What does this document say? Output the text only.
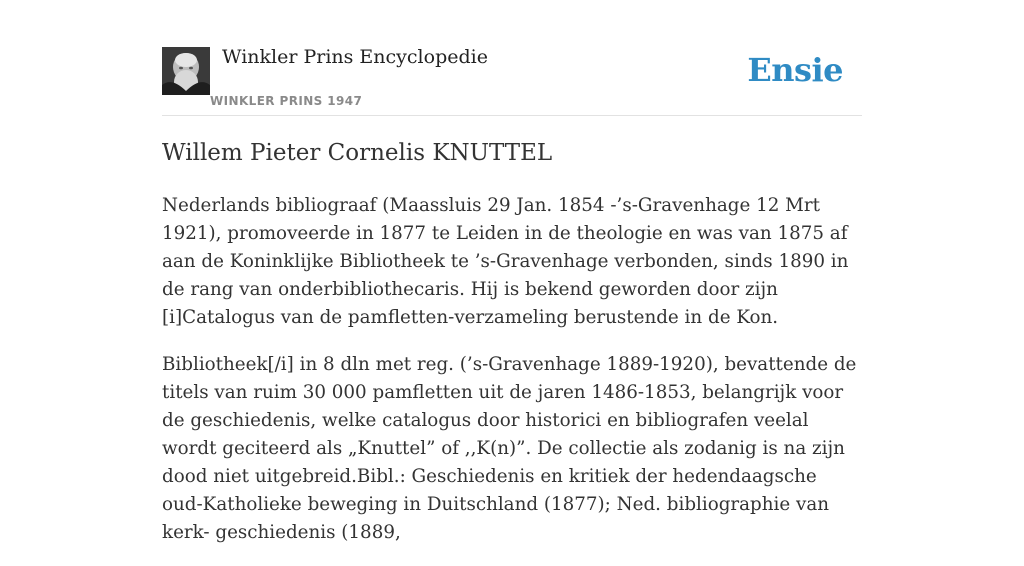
Winkler Prins Encyclopedie
WINKLER PRINS 1947
Ensie
Willem Pieter Cornelis KNUTTEL

Nederlands bibliograaf (Maassluis 29 Jan. 1854 -’s-Gravenhage 12 Mrt 1921), promoveerde in 1877 te Leiden in de theologie en was van 1875 af aan de Koninklijke Bibliotheek te ’s-Gravenhage verbonden, sinds 1890 in de rang van onderbibliothecaris. Hij is bekend geworden door zijn [i]Catalogus van de pamfletten-verzameling berustende in de Kon.

Bibliotheek[/i] in 8 dln met reg. (’s-Gravenhage 1889-1920), bevattende de titels van ruim 30 000 pamfletten uit de jaren 1486-1853, belangrijk voor de geschiedenis, welke catalogus door historici en bibliografen veelal wordt geciteerd als „Knuttel” of ,,K(n)”. De collectie als zodanig is na zijn dood niet uitgebreid.Bibl.: Geschiedenis en kritiek der hedendaagsche oud-Katholieke beweging in Duitschland (1877); Ned. bibliographie van kerk- geschiedenis (1889,
